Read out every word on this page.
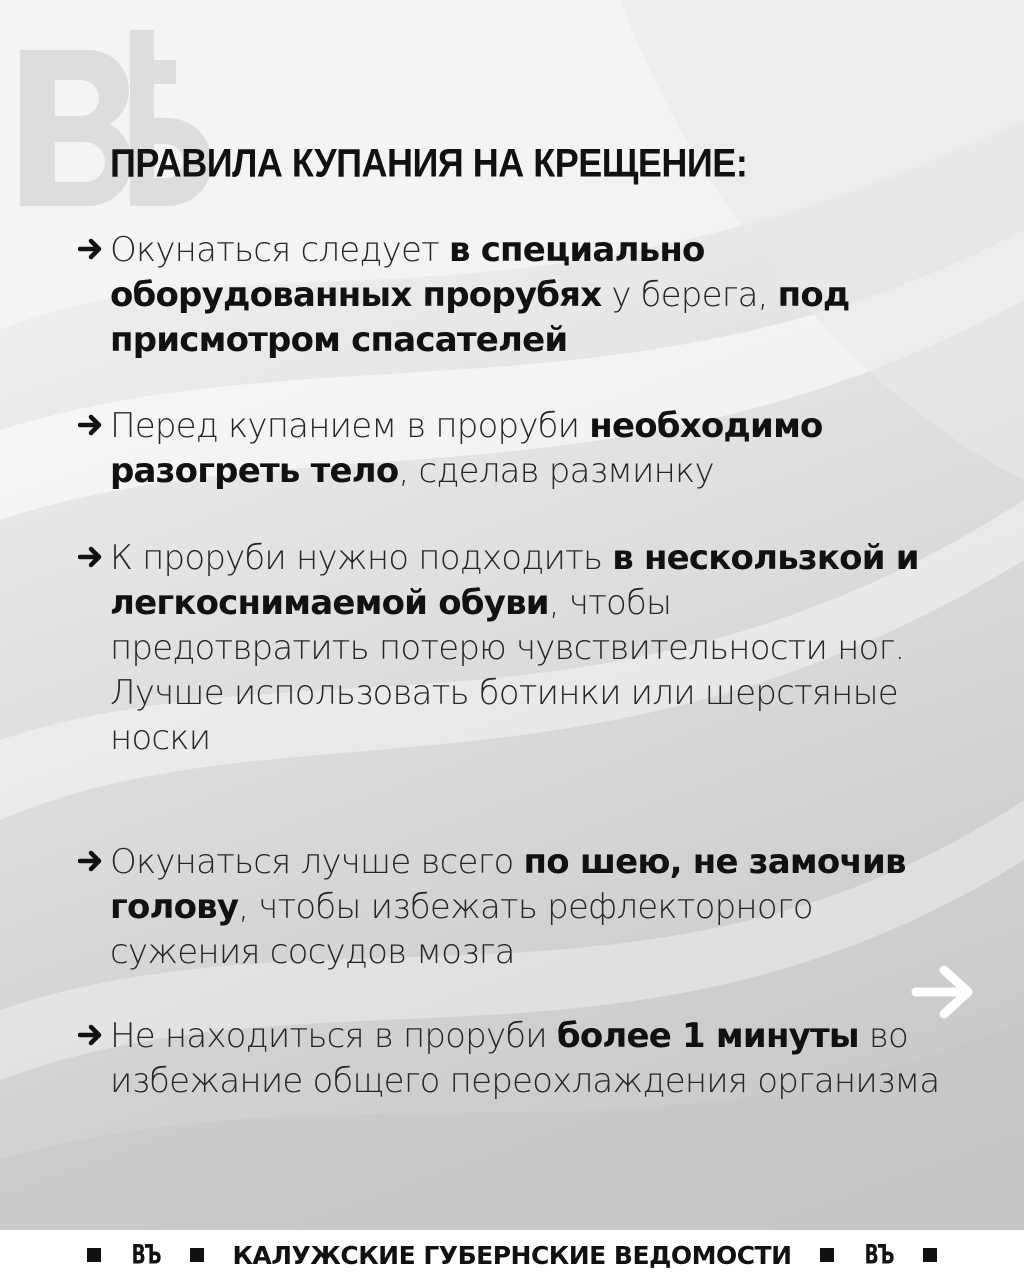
ПРАВИЛА КУПАНИЯ НА КРЕЩЕНИЕ:

Окунаться следует в специально оборудованных прорубях у берега, под присмотром спасателей

Перед купанием в проруби необходимо разогреть тело, сделав разминку

К проруби нужно подходить в нескользкой и легкоснимаемой обуви, чтобы предотвратить потерю чувствительности ног. Лучше использовать ботинки или шерстяные носки

Окунаться лучше всего по шею, не замочив голову, чтобы избежать рефлекторного сужения сосудов мозга

Не находиться в проруби более 1 минуты во избежание общего переохлаждения организма

ВЪ	КАЛУЖСКИЕ ГУБЕРНСКИЕ ВЕДОМОСТИ	ВЪ
